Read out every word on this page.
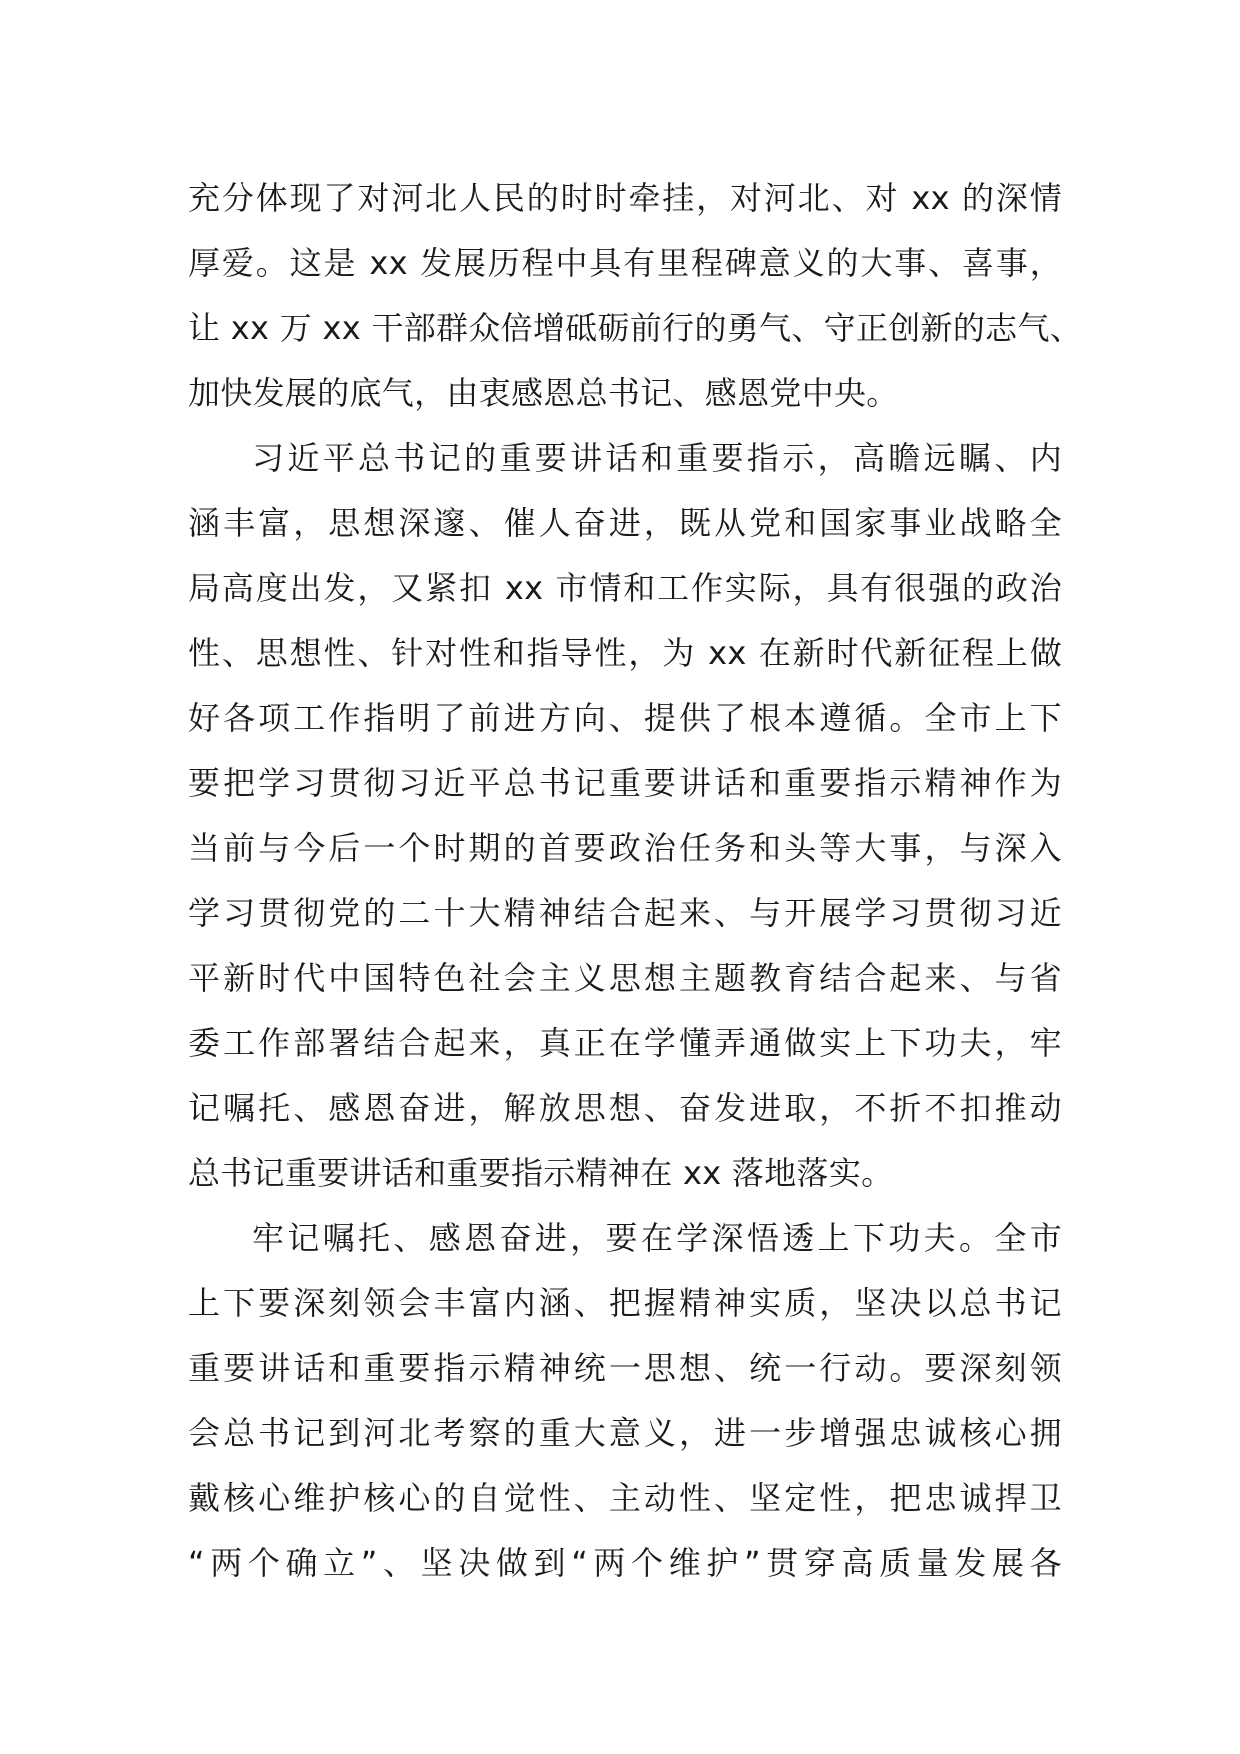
充分体现了对河北人民的时时牵挂，对河北、对 xx 的深情
厚爱。这是 xx 发展历程中具有里程碑意义的大事、喜事，
让 xx 万 xx 干部群众倍增砥砺前行的勇气、守正创新的志气、
加快发展的底气，由衷感恩总书记、感恩党中央。
习近平总书记的重要讲话和重要指示，高瞻远瞩、内
涵丰富，思想深邃、催人奋进，既从党和国家事业战略全
局高度出发，又紧扣 xx 市情和工作实际，具有很强的政治
性、思想性、针对性和指导性，为 xx 在新时代新征程上做
好各项工作指明了前进方向、提供了根本遵循。全市上下
要把学习贯彻习近平总书记重要讲话和重要指示精神作为
当前与今后一个时期的首要政治任务和头等大事，与深入
学习贯彻党的二十大精神结合起来、与开展学习贯彻习近
平新时代中国特色社会主义思想主题教育结合起来、与省
委工作部署结合起来，真正在学懂弄通做实上下功夫，牢
记嘱托、感恩奋进，解放思想、奋发进取，不折不扣推动
总书记重要讲话和重要指示精神在 xx 落地落实。
牢记嘱托、感恩奋进，要在学深悟透上下功夫。全市
上下要深刻领会丰富内涵、把握精神实质，坚决以总书记
重要讲话和重要指示精神统一思想、统一行动。要深刻领
会总书记到河北考察的重大意义，进一步增强忠诚核心拥
戴核心维护核心的自觉性、主动性、坚定性，把忠诚捍卫
“两个确立”、坚决做到“两个维护”贯穿高质量发展各
